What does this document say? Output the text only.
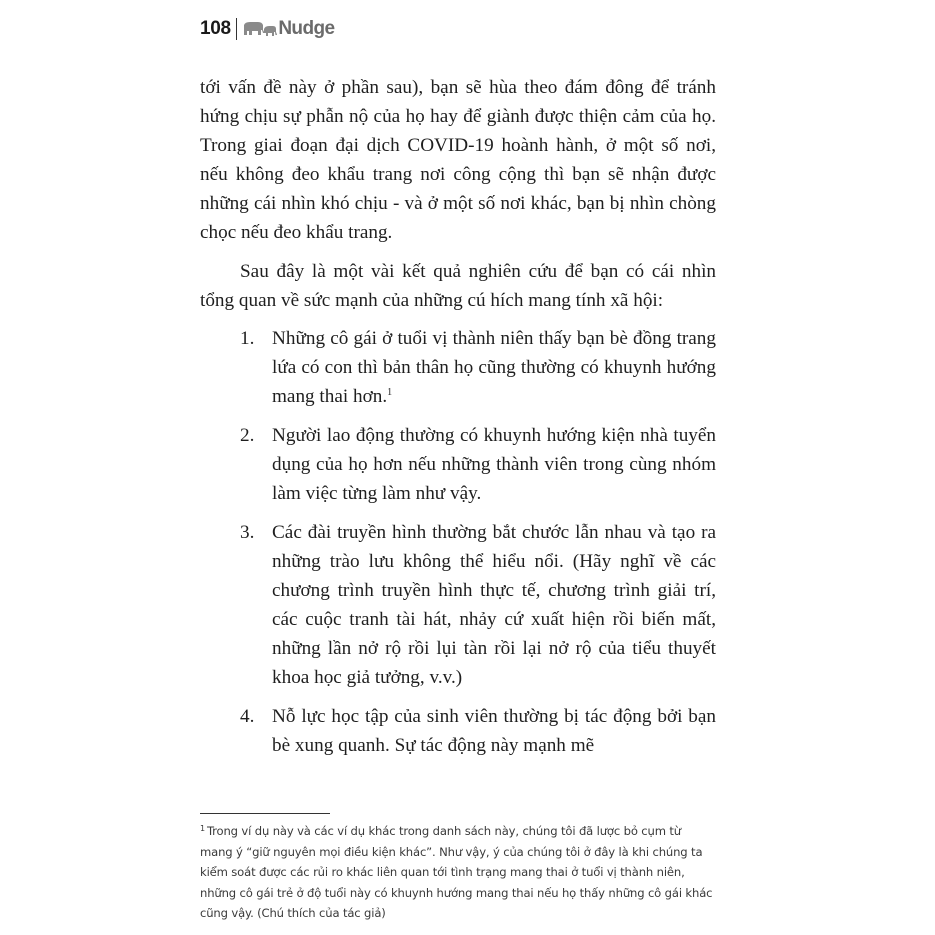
108	Nudge

tới vấn đề này ở phần sau), bạn sẽ hùa theo đám đông để tránh hứng chịu sự phẫn nộ của họ hay để giành được thiện cảm của họ. Trong giai đoạn đại dịch COVID-19 hoành hành, ở một số nơi, nếu không đeo khẩu trang nơi công cộng thì bạn sẽ nhận được những cái nhìn khó chịu - và ở một số nơi khác, bạn bị nhìn chòng chọc nếu đeo khẩu trang.

Sau đây là một vài kết quả nghiên cứu để bạn có cái nhìn tổng quan về sức mạnh của những cú hích mang tính xã hội:

1. Những cô gái ở tuổi vị thành niên thấy bạn bè đồng trang lứa có con thì bản thân họ cũng thường có khuynh hướng mang thai hơn.$^1$
2. Người lao động thường có khuynh hướng kiện nhà tuyển dụng của họ hơn nếu những thành viên trong cùng nhóm làm việc từng làm như vậy.
3. Các đài truyền hình thường bắt chước lẫn nhau và tạo ra những trào lưu không thể hiểu nổi. (Hãy nghĩ về các chương trình truyền hình thực tế, chương trình giải trí, các cuộc tranh tài hát, nhảy cứ xuất hiện rồi biến mất, những lần nở rộ rồi lụi tàn rồi lại nở rộ của tiểu thuyết khoa học giả tưởng, v.v.)
4. Nỗ lực học tập của sinh viên thường bị tác động bởi bạn bè xung quanh. Sự tác động này mạnh mẽ
$^1$ Trong ví dụ này và các ví dụ khác trong danh sách này, chúng tôi đã lược bỏ cụm từ mang ý “giữ nguyên mọi điều kiện khác”. Như vậy, ý của chúng tôi ở đây là khi chúng ta kiểm soát được các rủi ro khác liên quan tới tình trạng mang thai ở tuổi vị thành niên, những cô gái trẻ ở độ tuổi này có khuynh hướng mang thai nếu họ thấy những cô gái khác cũng vậy. (Chú thích của tác giả)
